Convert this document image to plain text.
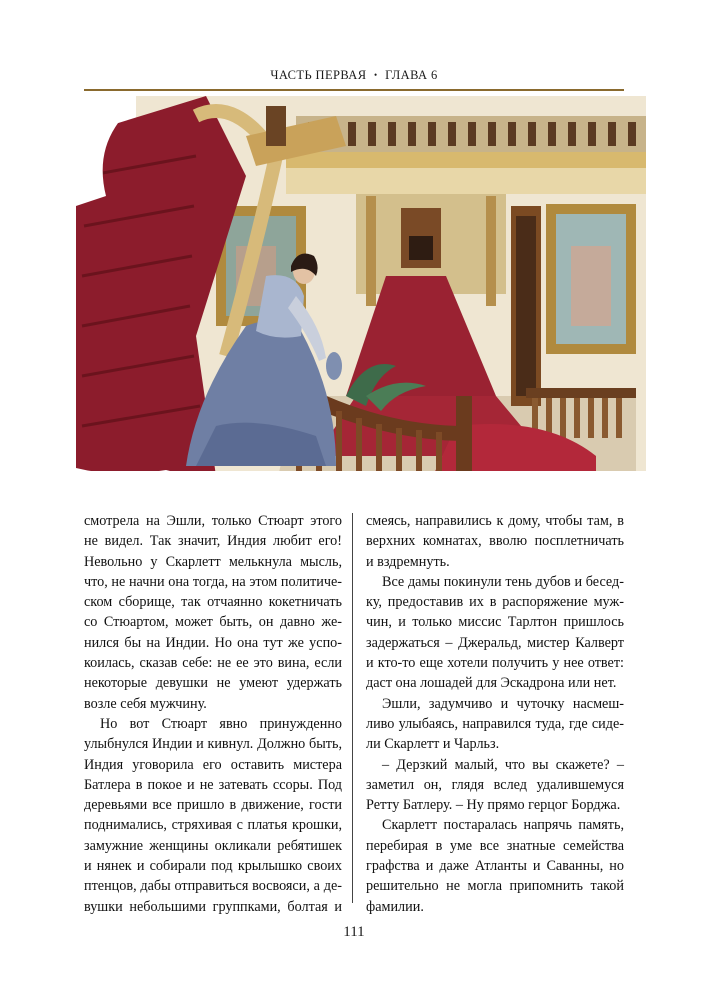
ЧАСТЬ ПЕРВАЯ • ГЛАВА 6

смотрела на Эшли, только Стюарт этого
не видел. Так значит, Индия любит его!
Невольно у Скарлетт мелькнула мысль,
что, не начни она тогда, на этом политиче-
ском сборище, так отчаянно кокетничать
со Стюартом, может быть, он давно же-
нился бы на Индии. Но она тут же успо-
коилась, сказав себе: не ее это вина, если
некоторые девушки не умеют удержать
возле себя мужчину.

Но вот Стюарт явно принужденно
улыбнулся Индии и кивнул. Должно быть,
Индия уговорила его оставить мистера
Батлера в покое и не затевать ссоры. Под
деревьями все пришло в движение, гости
поднимались, стряхивая с платья крошки,
замужние женщины окликали ребятишек
и нянек и собирали под крылышко своих
птенцов, дабы отправиться восвояси, а де-
вушки небольшими группками, болтая и

смеясь, направились к дому, чтобы там, в
верхних комнатах, вволю посплетничать
и вздремнуть.

Все дамы покинули тень дубов и бесед-
ку, предоставив их в распоряжение муж-
чин, и только миссис Тарлтон пришлось
задержаться – Джеральд, мистер Калверт
и кто-то еще хотели получить у нее ответ:
даст она лошадей для Эскадрона или нет.

Эшли, задумчиво и чуточку насмеш-
ливо улыбаясь, направился туда, где сиде-
ли Скарлетт и Чарльз.

– Дерзкий малый, что вы скажете? –
заметил он, глядя вслед удалившемуся
Ретту Батлеру. – Ну прямо герцог Борджа.

Скарлетт постаралась напрячь память,
перебирая в уме все знатные семейства
графства и даже Атланты и Саванны, но
решительно не могла припомнить такой
фамилии.

111
